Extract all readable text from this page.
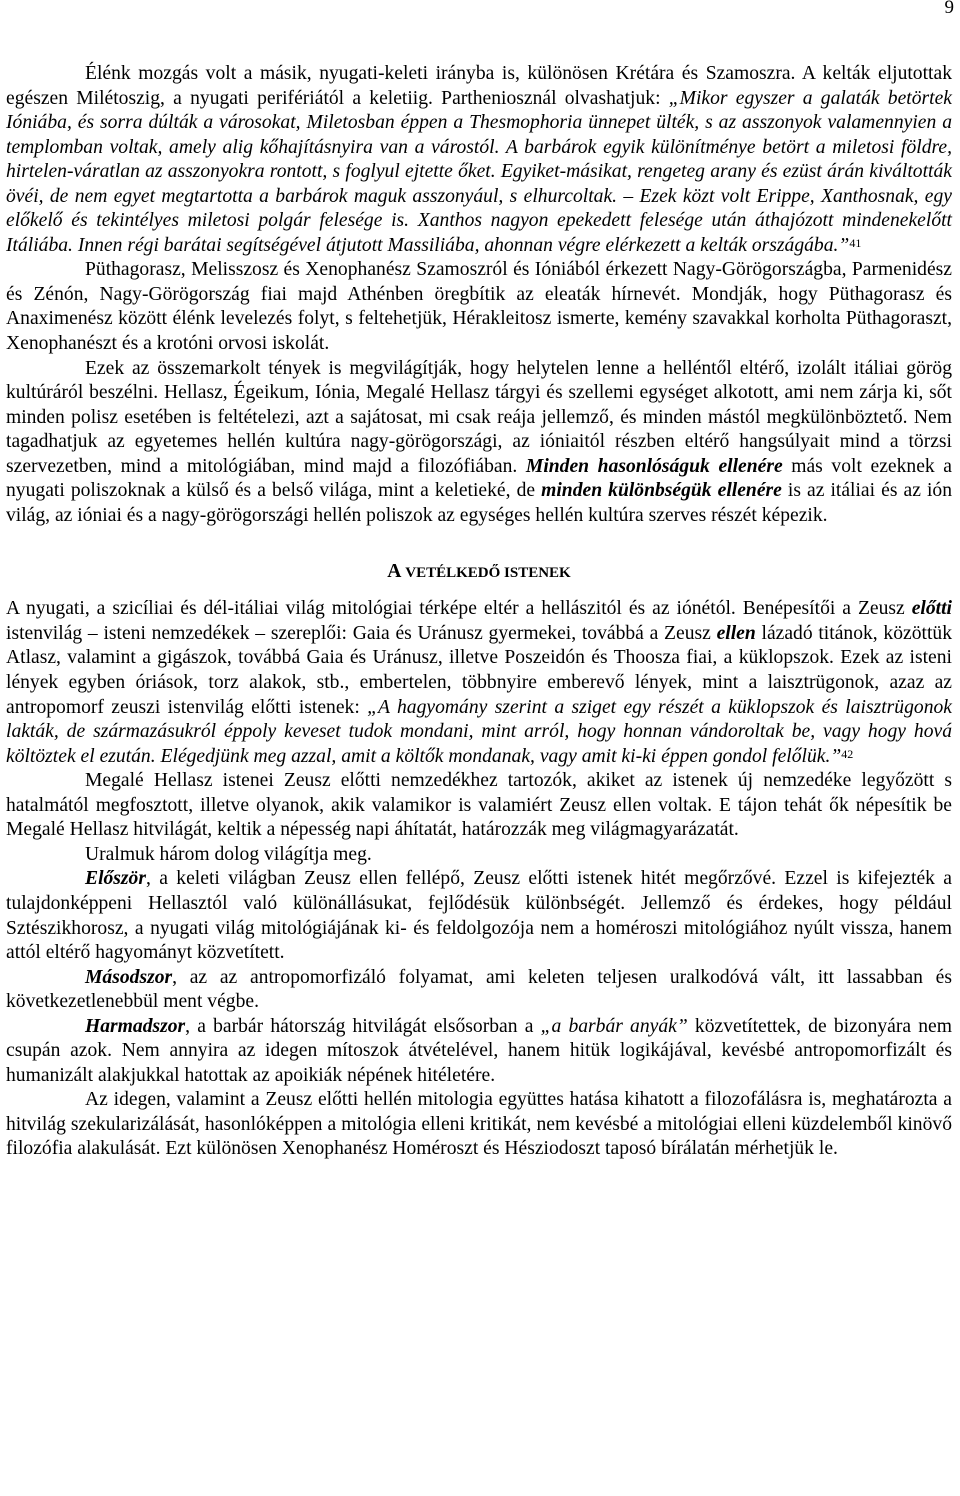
9

Élénk mozgás volt a másik, nyugati-keleti irányba is, különösen Krétára és Szamoszra. A kelták eljutottak egészen Milétoszig, a nyugati perifériától a keletiig. Partheniosznál olvashatjuk: „Mikor egyszer a galaták betörtek Ióniába, és sorra dúlták a városokat, Miletosban éppen a Thesmophoria ünnepet ülték, s az asszonyok valamennyien a templomban voltak, amely alig kőhajításnyira van a várostól. A barbárok egyik különítménye betört a miletosi földre, hirtelen-váratlan az asszonyokra rontott, s foglyul ejtette őket. Egyiket-másikat, rengeteg arany és ezüst árán kiváltották övéi, de nem egyet megtartotta a barbárok maguk asszonyául, s elhurcoltak. – Ezek közt volt Erippe, Xanthosnak, egy előkelő és tekintélyes miletosi polgár felesége is. Xanthos nagyon epekedett felesége után áthajózott mindenekelőtt Itáliába. Innen régi barátai segítségével átjutott Massiliába, ahonnan végre elérkezett a kelták országába.”$^{41}$

Püthagorasz, Melisszosz és Xenophanész Szamoszról és Ióniából érkezett Nagy-Görögországba, Parmenidész és Zénón, Nagy-Görögország fiai majd Athénben öregbítik az eleaták hírnevét. Mondják, hogy Püthagorasz és Anaximenész között élénk levelezés folyt, s feltehetjük, Hérakleitosz ismerte, kemény szavakkal korholta Püthagoraszt, Xenophanészt és a krotóni orvosi iskolát.

Ezek az összemarkolt tények is megvilágítják, hogy helytelen lenne a helléntől eltérő, izolált itáliai görög kultúráról beszélni. Hellasz, Égeikum, Iónia, Megalé Hellasz tárgyi és szellemi egységet alkotott, ami nem zárja ki, sőt minden polisz esetében is feltételezi, azt a sajátosat, mi csak reája jellemző, és minden mástól megkülönböztető. Nem tagadhatjuk az egyetemes hellén kultúra nagy-görögországi, az ióniaitól részben eltérő hangsúlyait mind a törzsi szervezetben, mind a mitológiában, mind majd a filozófiában. Minden hasonlóságuk ellenére más volt ezeknek a nyugati poliszoknak a külső és a belső világa, mint a keletieké, de minden különbségük ellenére is az itáliai és az ión világ, az ióniai és a nagy-görögországi hellén poliszok az egységes hellén kultúra szerves részét képezik.

A VETÉLKEDŐ ISTENEK

A nyugati, a szicíliai és dél-itáliai világ mitológiai térképe eltér a hellászitól és az iónétól. Benépesítői a Zeusz előtti istenvilág – isteni nemzedékek – szereplői: Gaia és Uránusz gyermekei, továbbá a Zeusz ellen lázadó titánok, közöttük Atlasz, valamint a gigászok, továbbá Gaia és Uránusz, illetve Poszeidón és Thoosza fiai, a küklopszok. Ezek az isteni lények egyben óriások, torz alakok, stb., embertelen, többnyire emberevő lények, mint a laisztrügonok, azaz az antropomorf zeuszi istenvilág előtti istenek: „A hagyomány szerint a sziget egy részét a küklopszok és laisztrügonok lakták, de származásukról éppoly keveset tudok mondani, mint arról, hogy honnan vándoroltak be, vagy hogy hová költöztek el ezután. Elégedjünk meg azzal, amit a költők mondanak, vagy amit ki-ki éppen gondol felőlük.”$^{42}$

Megalé Hellasz istenei Zeusz előtti nemzedékhez tartozók, akiket az istenek új nemzedéke legyőzött s hatalmától megfosztott, illetve olyanok, akik valamikor is valamiért Zeusz ellen voltak. E tájon tehát ők népesítik be Megalé Hellasz hitvilágát, keltik a népesség napi áhítatát, határozzák meg világmagyarázatát.

Uralmuk három dolog világítja meg.

Először, a keleti világban Zeusz ellen fellépő, Zeusz előtti istenek hitét megőrzővé. Ezzel is kifejezték a tulajdonképpeni Hellasztól való különállásukat, fejlődésük különbségét. Jellemző és érdekes, hogy például Sztészikhorosz, a nyugati világ mitológiájának ki- és feldolgozója nem a homéroszi mitológiához nyúlt vissza, hanem attól eltérő hagyományt közvetített.

Másodszor, az az antropomorfizáló folyamat, ami keleten teljesen uralkodóvá vált, itt lassabban és következetlenebbül ment végbe.

Harmadszor, a barbár hátország hitvilágát elsősorban a „a barbár anyák” közvetítettek, de bizonyára nem csupán azok. Nem annyira az idegen mítoszok átvételével, hanem hitük logikájával, kevésbé antropomorfizált és humanizált alakjukkal hatottak az apoikiák népének hitéletére.

Az idegen, valamint a Zeusz előtti hellén mitologia együttes hatása kihatott a filozofálásra is, meghatározta a hitvilág szekularizálását, hasonlóképpen a mitológia elleni kritikát, nem kevésbé a mitológiai elleni küzdelemből kinövő filozófia alakulását. Ezt különösen Xenophanész Homéroszt és Hésziodoszt taposó bírálatán mérhetjük le.
